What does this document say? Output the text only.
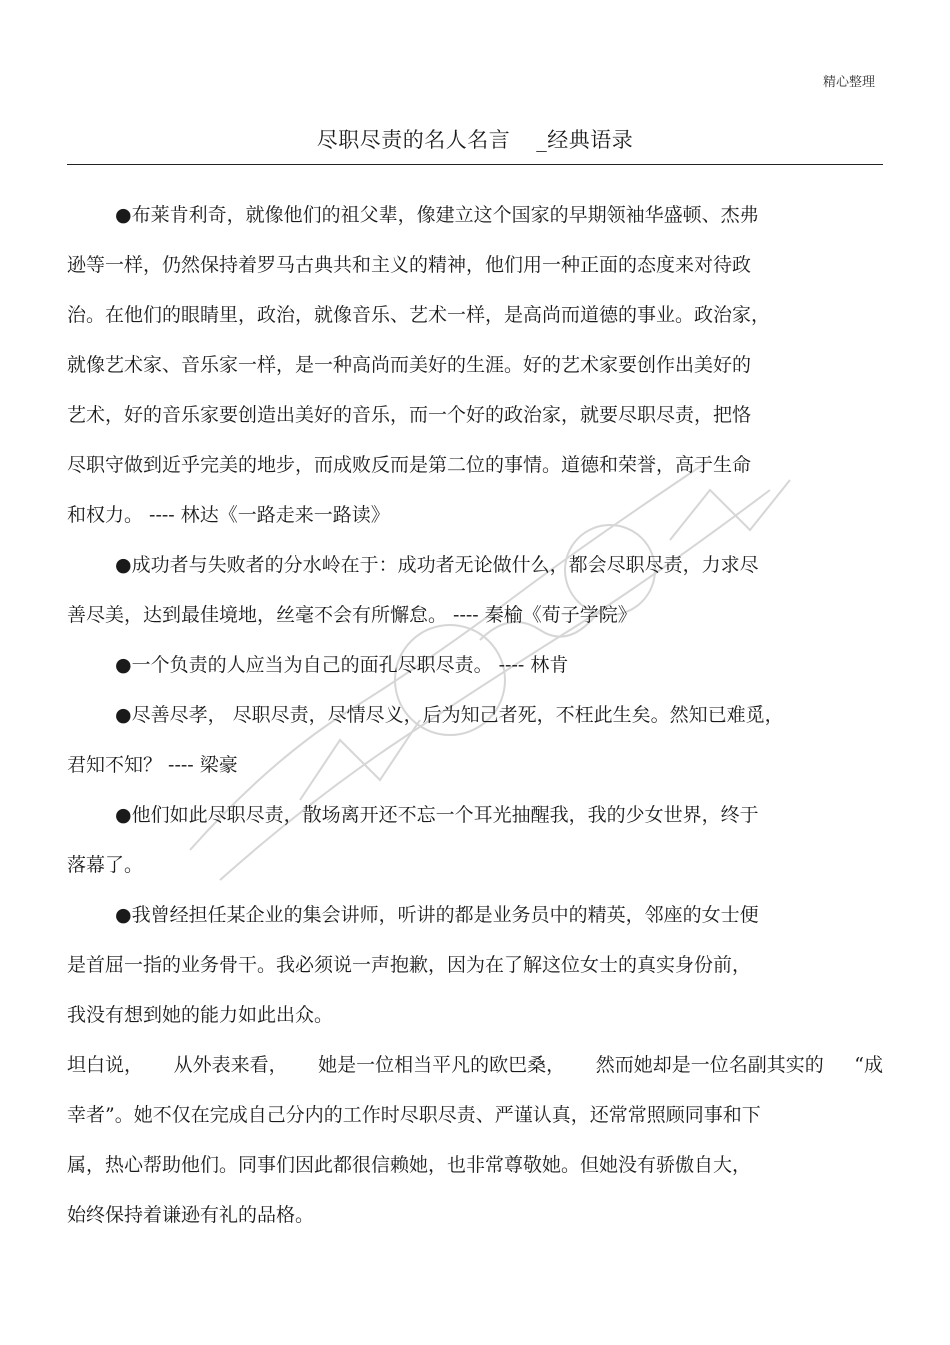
精心整理
尽职尽责的名人名言 _经典语录
●布莱肯利奇，就像他们的祖父辈，像建立这个国家的早期领袖华盛顿、杰弗
逊等一样，仍然保持着罗马古典共和主义的精神，他们用一种正面的态度来对待政
治。在他们的眼睛里，政治，就像音乐、艺术一样，是高尚而道德的事业。政治家，
就像艺术家、音乐家一样，是一种高尚而美好的生涯。好的艺术家要创作出美好的
艺术，好的音乐家要创造出美好的音乐，而一个好的政治家，就要尽职尽责，把恪
尽职守做到近乎完美的地步，而成败反而是第二位的事情。道德和荣誉，高于生命
和权力。 ---- 林达《一路走来一路读》
●成功者与失败者的分水岭在于：成功者无论做什么，都会尽职尽责，力求尽
善尽美，达到最佳境地，丝毫不会有所懈怠。 ---- 秦榆《荀子学院》
●一个负责的人应当为自己的面孔尽职尽责。 ---- 林肯
●尽善尽孝， 尽职尽责，尽情尽义，后为知己者死，不枉此生矣。然知已难觅，
君知不知？ ---- 梁豪
●他们如此尽职尽责，散场离开还不忘一个耳光抽醒我，我的少女世界，终于
落幕了。
●我曾经担任某企业的集会讲师，听讲的都是业务员中的精英，邻座的女士便
是首屈一指的业务骨干。我必须说一声抱歉，因为在了解这位女士的真实身份前，
我没有想到她的能力如此出众。
坦白说， 从外表来看， 她是一位相当平凡的欧巴桑， 然而她却是一位名副其实的 “成
幸者”。她不仅在完成自己分内的工作时尽职尽责、严谨认真，还常常照顾同事和下
属，热心帮助他们。同事们因此都很信赖她，也非常尊敬她。但她没有骄傲自大，
始终保持着谦逊有礼的品格。
